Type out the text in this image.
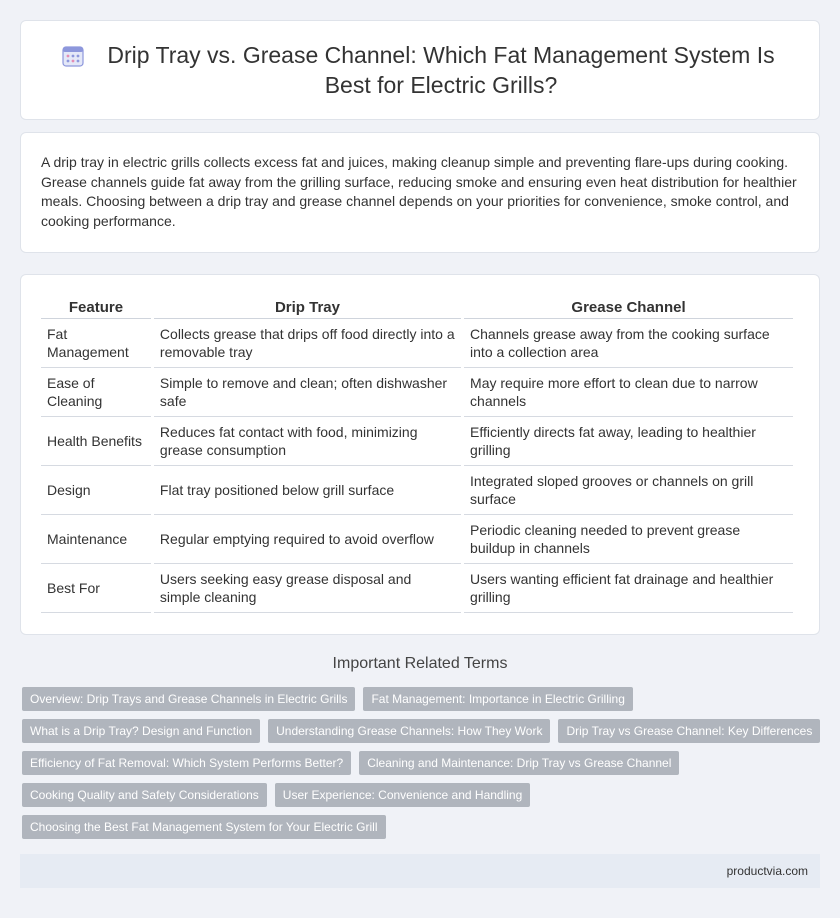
Drip Tray vs. Grease Channel: Which Fat Management System Is Best for Electric Grills?

A drip tray in electric grills collects excess fat and juices, making cleanup simple and preventing flare-ups during cooking. Grease channels guide fat away from the grilling surface, reducing smoke and ensuring even heat distribution for healthier meals. Choosing between a drip tray and grease channel depends on your priorities for convenience, smoke control, and cooking performance.

Feature	Drip Tray	Grease Channel
Fat Management	Collects grease that drips off food directly into a removable tray	Channels grease away from the cooking surface into a collection area
Ease of Cleaning	Simple to remove and clean; often dishwasher safe	May require more effort to clean due to narrow channels
Health Benefits	Reduces fat contact with food, minimizing grease consumption	Efficiently directs fat away, leading to healthier grilling
Design	Flat tray positioned below grill surface	Integrated sloped grooves or channels on grill surface
Maintenance	Regular emptying required to avoid overflow	Periodic cleaning needed to prevent grease buildup in channels
Best For	Users seeking easy grease disposal and simple cleaning	Users wanting efficient fat drainage and healthier grilling
Important Related Terms
Overview: Drip Trays and Grease Channels in Electric Grills	Fat Management: Importance in Electric Grilling
What is a Drip Tray? Design and Function	Understanding Grease Channels: How They Work	Drip Tray vs Grease Channel: Key Differences
Efficiency of Fat Removal: Which System Performs Better?	Cleaning and Maintenance: Drip Tray vs Grease Channel
Cooking Quality and Safety Considerations	User Experience: Convenience and Handling
Choosing the Best Fat Management System for Your Electric Grill
productvia.com
